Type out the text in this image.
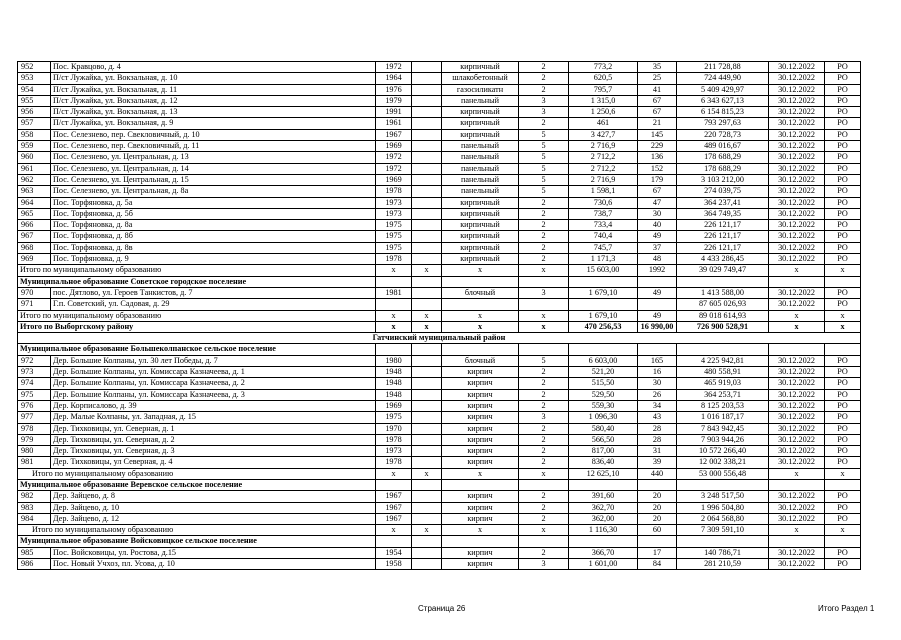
952	Пос. Кравцово, д. 4	1972		кирпичный	2	773,2	35	211 728,88	30.12.2022	РО
953	П/ст Лужайка, ул. Вокзальная, д. 10	1964		шлакобетонный	2	620,5	25	724 449,90	30.12.2022	РО
954	П/ст Лужайка, ул. Вокзальная, д. 11	1976		газосиликатн	2	795,7	41	5 409 429,97	30.12.2022	РО
955	П/ст Лужайка, ул. Вокзальная, д. 12	1979		панельный	3	1 315,0	67	6 343 627,13	30.12.2022	РО
956	П/ст Лужайка, ул. Вокзальная, д. 13	1991		кирпичный	3	1 250,6	67	6 154 815,23	30.12.2022	РО
957	П/ст Лужайка, ул. Вокзальная, д. 9	1961		кирпичный	2	461	21	793 297,63	30.12.2022	РО
958	Пос. Селезнево, пер. Свекловичный, д. 10	1967		кирпичный	5	3 427,7	145	220 728,73	30.12.2022	РО
959	Пос. Селезнево, пер. Свекловичный, д. 11	1969		панельный	5	2 716,9	229	489 016,67	30.12.2022	РО
960	Пос. Селезнево, ул. Центральная, д. 13	1972		панельный	5	2 712,2	136	178 688,29	30.12.2022	РО
961	Пос. Селезнево, ул. Центральная, д. 14	1972		панельный	5	2 712,2	152	178 688,29	30.12.2022	РО
962	Пос. Селезнево, ул. Центральная, д. 15	1969		панельный	5	2 716,9	179	3 103 212,00	30.12.2022	РО
963	Пос. Селезнево, ул. Центральная, д. 8а	1978		панельный	5	1 598,1	67	274 039,75	30.12.2022	РО
964	Пос. Торфяновка, д. 5а	1973		кирпичный	2	730,6	47	364 237,41	30.12.2022	РО
965	Пос. Торфяновка, д. 5б	1973		кирпичный	2	738,7	30	364 749,35	30.12.2022	РО
966	Пос. Торфяновка, д. 8а	1975		кирпичный	2	733,4	40	226 121,17	30.12.2022	РО
967	Пос. Торфяновка, д. 8б	1975		кирпичный	2	740,4	49	226 121,17	30.12.2022	РО
968	Пос. Торфяновка, д. 8в	1975		кирпичный	2	745,7	37	226 121,17	30.12.2022	РО
969	Пос. Торфяновка, д. 9	1978		кирпичный	2	1 171,3	48	4 433 286,45	30.12.2022	РО
Итого по муниципальному образованию		х	х	х	х	15 603,00	1992	39 029 749,47	х	х
Муниципальное образование Советское городское поселение										
970	пос. Дятлово, ул. Героев Танкистов, д. 7	1981		блочный	3	1 679,10	49	1 413 588,00	30.12.2022	РО
971	Г.п. Советский, ул. Садовая, д. 29							87 605 026,93	30.12.2022	РО
Итого по муниципальному образованию		х	х	х	х	1 679,10	49	89 018 614,93	х	х
Итого по Выборгскому району		х	х	х	х	470 256,53	16 990,00	726 900 528,91	х	х
Гатчинский муниципальный район										
Муниципальное образование Большеколпанское сельское поселение										
972	Дер. Большие Колпаны, ул. 30 лет Победы, д. 7	1980		блочный	5	6 603,00	165	4 225 942,81	30.12.2022	РО
973	Дер. Большие Колпаны, ул. Комиссара Казначеева, д. 1	1948		кирпич	2	521,20	16	480 558,91	30.12.2022	РО
974	Дер. Большие Колпаны, ул. Комиссара Казначеева, д. 2	1948		кирпич	2	515,50	30	465 919,03	30.12.2022	РО
975	Дер. Большие Колпаны, ул. Комиссара Казначеева, д. 3	1948		кирпич	2	529,50	26	364 253,71	30.12.2022	РО
976	Дер. Корписалово, д. 39	1969		кирпич	2	559,30	34	8 125 203,53	30.12.2022	РО
977	Дер. Малые Колпаны, ул. Западная, д. 15	1975		кирпич	3	1 096,30	43	1 016 187,17	30.12.2022	РО
978	Дер. Тихковицы, ул. Северная, д. 1	1970		кирпич	2	580,40	28	7 843 942,45	30.12.2022	РО
979	Дер. Тихковицы, ул. Северная, д. 2	1978		кирпич	2	566,50	28	7 903 944,26	30.12.2022	РО
980	Дер. Тихковицы, ул. Северная, д. 3	1973		кирпич	2	817,00	31	10 572 266,40	30.12.2022	РО
981	Дер. Тихковицы, ул Северная, д. 4	1978		кирпич	2	836,40	39	12 002 338,21	30.12.2022	РО
Итого по муниципальному образованию		х	х	х	х	12 625,10	440	53 000 556,48	х	х
Муниципальное образование Веревское сельское поселение										
982	Дер. Зайцево, д. 8	1967		кирпич	2	391,60	20	3 248 517,50	30.12.2022	РО
983	Дер. Зайцево, д. 10	1967		кирпич	2	362,70	20	1 996 504,80	30.12.2022	РО
984	Дер. Зайцево, д. 12	1967		кирпич	2	362,00	20	2 064 568,80	30.12.2022	РО
Итого по муниципальному образованию		х	х	х	х	1 116,30	60	7 309 591,10	х	х
Муниципальное образование Войсковицкое сельское поселение										
985	Пос. Войсковицы, ул. Ростова, д.15	1954		кирпич	2	366,70	17	140 786,71	30.12.2022	РО
986	Пос. Новый Учхоз, пл. Усова, д. 10	1958		кирпич	3	1 601,00	84	281 210,59	30.12.2022	РО
Страница 26	Итого Раздел 1
